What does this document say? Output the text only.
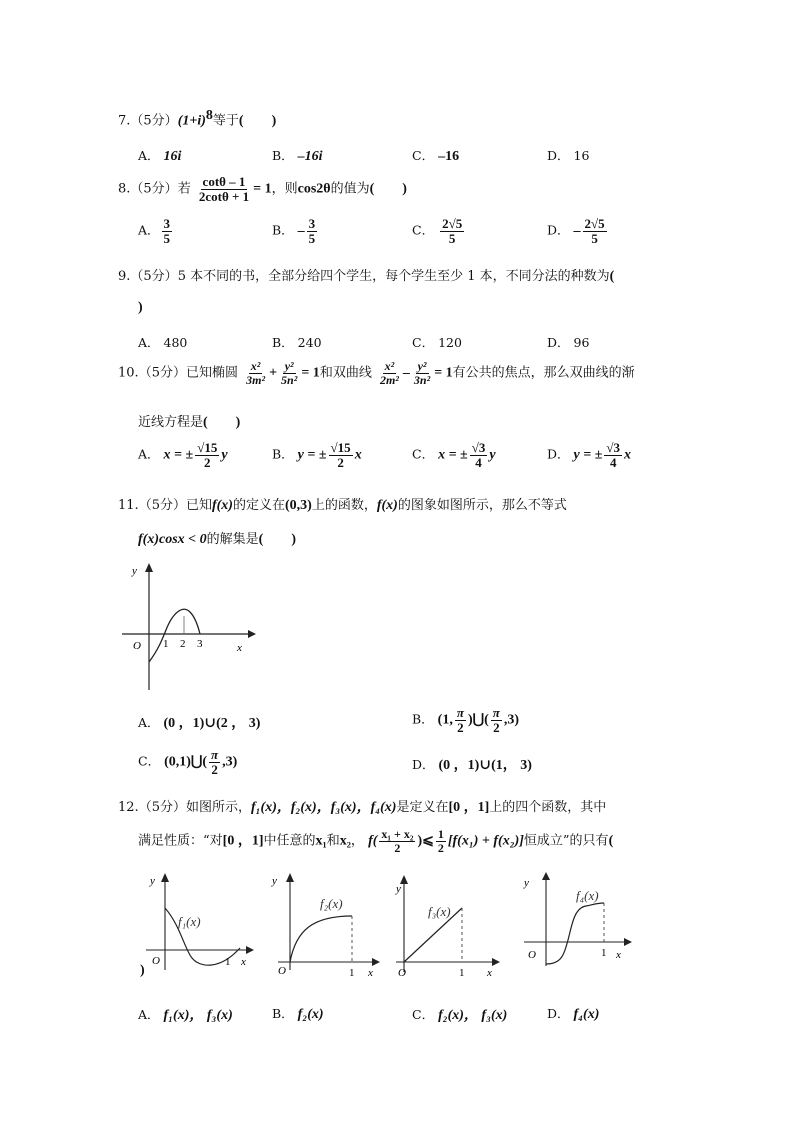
7.（5分）$(1+i)^8$等于(　　)
A． 16i	B． –16i	C． –16	D． 16
8.（5分）若 $\frac{\cot\theta - 1}{2\cot\theta + 1} = 1$，则cos2θ的值为(　　)
A． $\frac{3}{5}$	B． – $\frac{3}{5}$	C． $\frac{2√5}{5}$	D． – $\frac{2√5}{5}$
9.（5分）5 本不同的书，全部分给四个学生，每个学生至少 1 本，不同分法的种数为(
)
A． 480	B． 240	C． 120	D． 96
10.（5分）已知椭圆 $\frac{\text{x²}}{\text{3m²}} + \frac{\text{y²}}{\text{5n²}} = 1$和双曲线 $\frac{\text{x²}}{\text{2m²}} - \frac{\text{y²}}{\text{3n²}} = 1$有公共的焦点，那么双曲线的渐
近线方程是(　　)
A． x = ± $\frac{√15}{2}$ y	B． y = ± $\frac{√15}{2}$ x	C． x = ± $\frac{√3}{4}$ y	D． y = ± $\frac{√3}{4}$ x
11.（5分）已知f(x)的定义在(0,3)上的函数，f(x)的图象如图所示，那么不等式
f(x)cosx < 0的解集是(　　)
y
O 1 2 3	x
A． (0 ，1)∪(2 ， 3)	B． (1, $\frac{\pi}{2}$ )⋃( $\frac{\pi}{2} ,3$)
C． (0,1)⋃( $\frac{\pi}{2} ,3$)	D． (0 ，1)∪(1， 3)
12.（5分）如图所示，f₁(x)，f₂(x)，f₃(x)，f₄(x)是定义在[0 ，1]上的四个函数，其中
满足性质：“对[0 ，1]中任意的x₁和x₂， $f( \frac{\text{x₁ + x₂}}{2}$ )⩽ $\frac{1}{2} [f(x_1) + f(x_2)]$恒成立”的只有(
f₁(x)
y
O	1 x
)
f₂(x)
y
O	1 x
f₃(x)
y
O	1 x
f₄(x)
y
O	1 x
A． f₁(x)， f₃(x)	B． f₂(x)	C． f₂(x)， f₃(x)	D． f₄(x)
